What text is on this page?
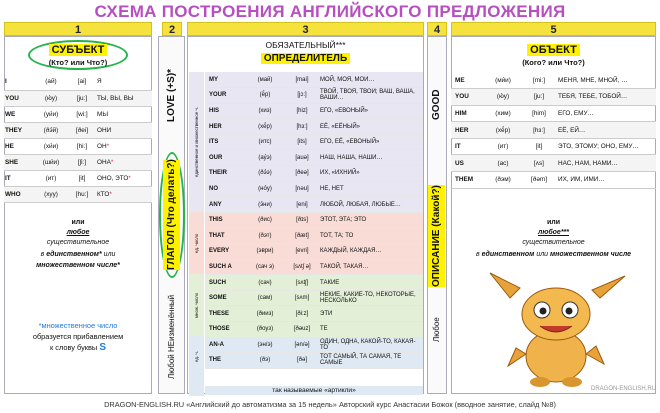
СХЕМА ПОСТРОЕНИЯ АНГЛИЙСКОГО ПРЕДЛОЖЕНИЯ
1	2	3	4	5
СУБЪЕКТ
(Кто? или Что?)
I	(ай)	[ai]	Я
YOU	(ю́у)	[ju:]	ТЫ, ВЫ, ВЫ
WE	(уи́и)	[wi:]	МЫ
THEY	(ðэ́й)	[ðei]	ОНИ
HE	(хи́и)	[hi:]	ОН*
SHE	(ши́и)	[ʃi:]	ОНА*
IT	(ит)	[it]	ОНО, ЭТО*
WHO	(хуу)	[hu:]	КТО*
или
любое
существительное
в единственном* или
множественном числе*
*множественное число
образуется прибавлением
к слову буквы S
LOVE (+S)*
ГЛАГОЛ (Что делать?)
Любой НЕизменённый
ОБЯЗАТЕЛЬНЫЙ***
ОПРЕДЕЛИТЕЛЬ
единственное и множественное ч.
ед. число
множ. число
ед. ч.
MY	(май)	[mai]	МОЙ, МОЯ, МОИ…
YOUR	(ё́р)	[jɔ:]	ТВОЙ, ТВОЯ, ТВОИ; ВАШ, ВАША, ВАШИ…
HIS	(хиз)	[hiz]	ЕГО, «ЕВОНЫЙ»
HER	(хё́р)	[hɜ:]	ЕЁ, «ЕЁНЫЙ»
ITS	(итс)	[its]	ЕГО, ЕЁ, «ЕВОНЫЙ»
OUR	(ау́э)	[auə]	НАШ, НАША, НАШИ…
THEIR	(ðэ́э)	[ðeə]	ИХ, «ИХНИЙ»
NO	(но́у)	[nəu]	НЕ, НЕТ
ANY	(э́ни)	[eni]	ЛЮБОЙ, ЛЮБАЯ, ЛЮБЫЕ…
THIS	(ðис)	[ðɪs]	ЭТОТ, ЭТА; ЭТО
THAT	(ðэт)	[ðæt]	ТОТ, ТА; ТО
EVERY	(эври)	[evri]	КАЖДЫЙ, КАЖДАЯ…
SUCH A	(сач э)	[sʌtʃ ə]	ТАКОЙ, ТАКАЯ…
SUCH	(сач)	[sʌtʃ]	ТАКИЕ
SOME	(сам)	[sʌm]	НЕКИЕ, КАКИЕ-ТО, НЕКОТОРЫЕ, НЕСКОЛЬКО
THESE	(ðииз)	[ði:z]	ЭТИ
THOSE	(ðоуз)	[ðəuz]	ТЕ
AN-A	(эн/э)	[ən/ə]	ОДИН, ОДНА, КАКОЙ-ТО, КАКАЯ-ТО
THE	(ðэ)	[ðə]	ТОТ САМЫЙ, ТА САМАЯ, ТЕ САМЫЕ
так называемые «артикли»
GOOD
ОПИСАНИЕ (Какой?)
Любое
ОБЪЕКТ
(Кого? или Что?)
ME	(ми́и)	[mi:]	МЕНЯ, МНЕ, МНОЙ, …
YOU	(ю́у)	[ju:]	ТЕБЯ, ТЕБЕ, ТОБОЙ…
HIM	(хим)	[him]	ЕГО, ЕМУ…
HER	(хё́р)	[hɜ:]	ЕЁ, ЕЙ…
IT	(ит)	[it]	ЭТО, ЭТОМУ; ОНО, ЕМУ…
US	(ас)	[ʌs]	НАС, НАМ, НАМИ…
THEM	(ðэм)	[ðəm]	ИХ, ИМ, ИМИ…
или
любое***
существительное
в единственном или множественном числе
DRAGON-ENGLISH.RU
DRAGON-ENGLISH.RU «Английский до автоматизма за 15 недель» Авторский курс Анастасии Божок (вводное занятие, слайд №8)
